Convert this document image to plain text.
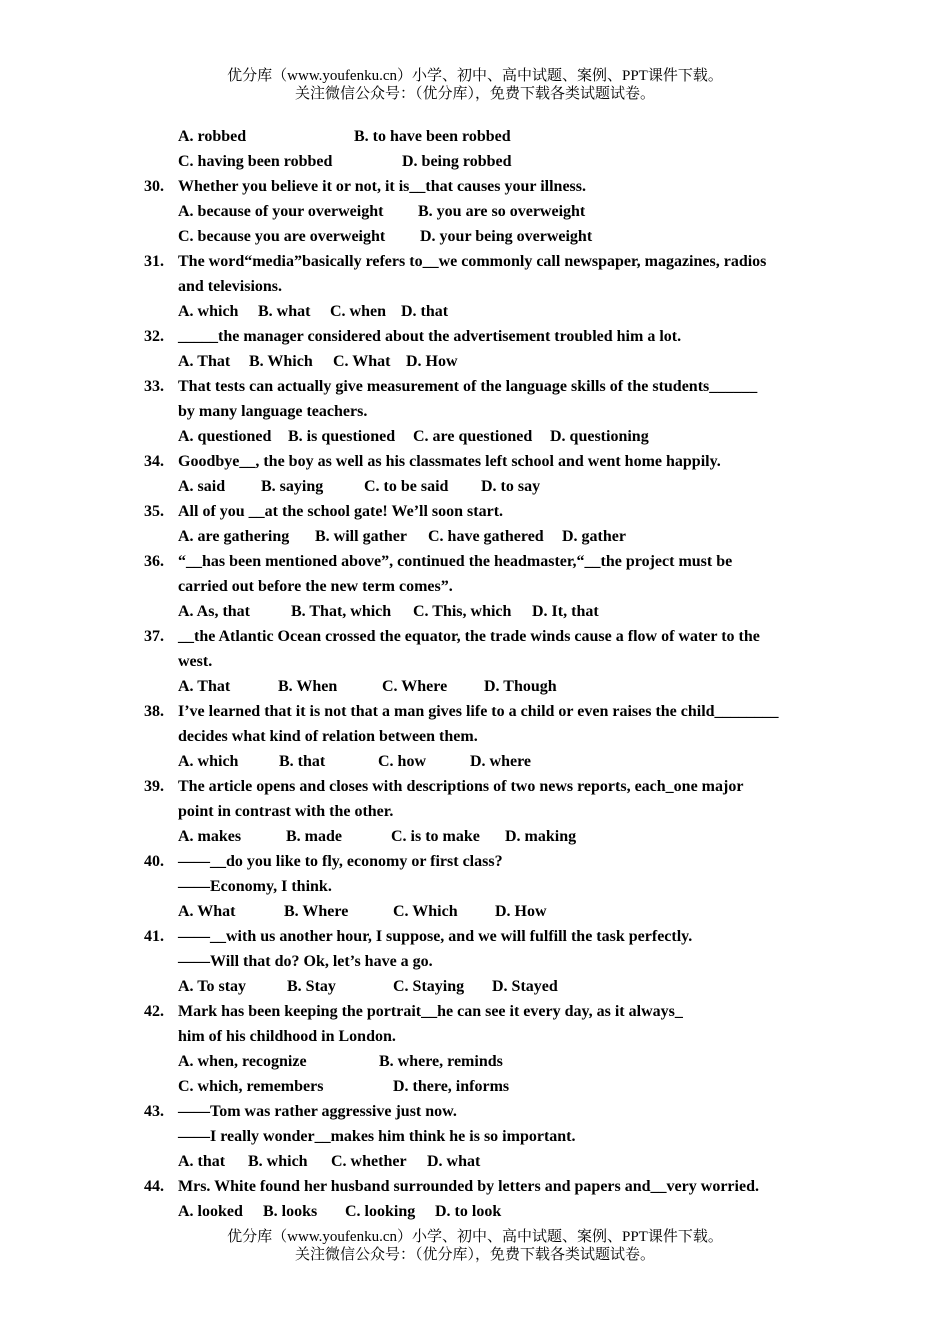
优分库（www.youfenku.cn）小学、初中、高中试题、案例、PPT课件下载。
关注微信公众号：（优分库），免费下载各类试题试卷。
A. robbed	B. to have been robbed
C. having been robbed	D. being robbed
30. Whether you believe it or not, it is__that causes your illness.
A. because of your overweight B. you are so overweight
C. because you are overweight D. your being overweight
31. The word“media”basically refers to__we commonly call newspaper, magazines, radios
and televisions.
A. which B. what C. when D. that
32. _____the manager considered about the advertisement troubled him a lot.
A. That B. Which C. What D. How
33. That tests can actually give measurement of the language skills of the students______
by many language teachers.
A. questioned B. is questioned C. are questioned D. questioning
34. Goodbye__, the boy as well as his classmates left school and went home happily.
A. said B. saying	C. to be said D. to say
35. All of you __at the school gate! We’ll soon start.
A. are gathering B. will gather C. have gathered D. gather
36. “__has been mentioned above”, continued the headmaster,“__the project must be
carried out before the new term comes”.
A. As, that	B. That, which C. This, which D. It, that
37. __the Atlantic Ocean crossed the equator, the trade winds cause a flow of water to the
west.
A. That	B. When	C. Where D. Though
38. I’ve learned that it is not that a man gives life to a child or even raises the child________
decides what kind of relation between them.
A. which	B. that	C. how	D. where
39. The article opens and closes with descriptions of two news reports, each_one major
point in contrast with the other.
A. makes	B. made	C. is to make D. making
40. ——__do you like to fly, economy or first class?
——Economy, I think.
A. What	B. Where	C. Which D. How
41. ——__with us another hour, I suppose, and we will fulfill the task perfectly.
——Will that do? Ok, let’s have a go.
A. To stay	B. Stay	C. Staying D. Stayed
42. Mark has been keeping the portrait__he can see it every day, as it always_
him of his childhood in London.
A. when, recognize	B. where, reminds
C. which, remembers	D. there, informs
43. ——Tom was rather aggressive just now.
——I really wonder__makes him think he is so important.
A. that B. which C. whether D. what
44. Mrs. White found her husband surrounded by letters and papers and__very worried.
A. looked B. looks C. looking D. to look
优分库（www.youfenku.cn）小学、初中、高中试题、案例、PPT课件下载。
关注微信公众号：（优分库），免费下载各类试题试卷。
